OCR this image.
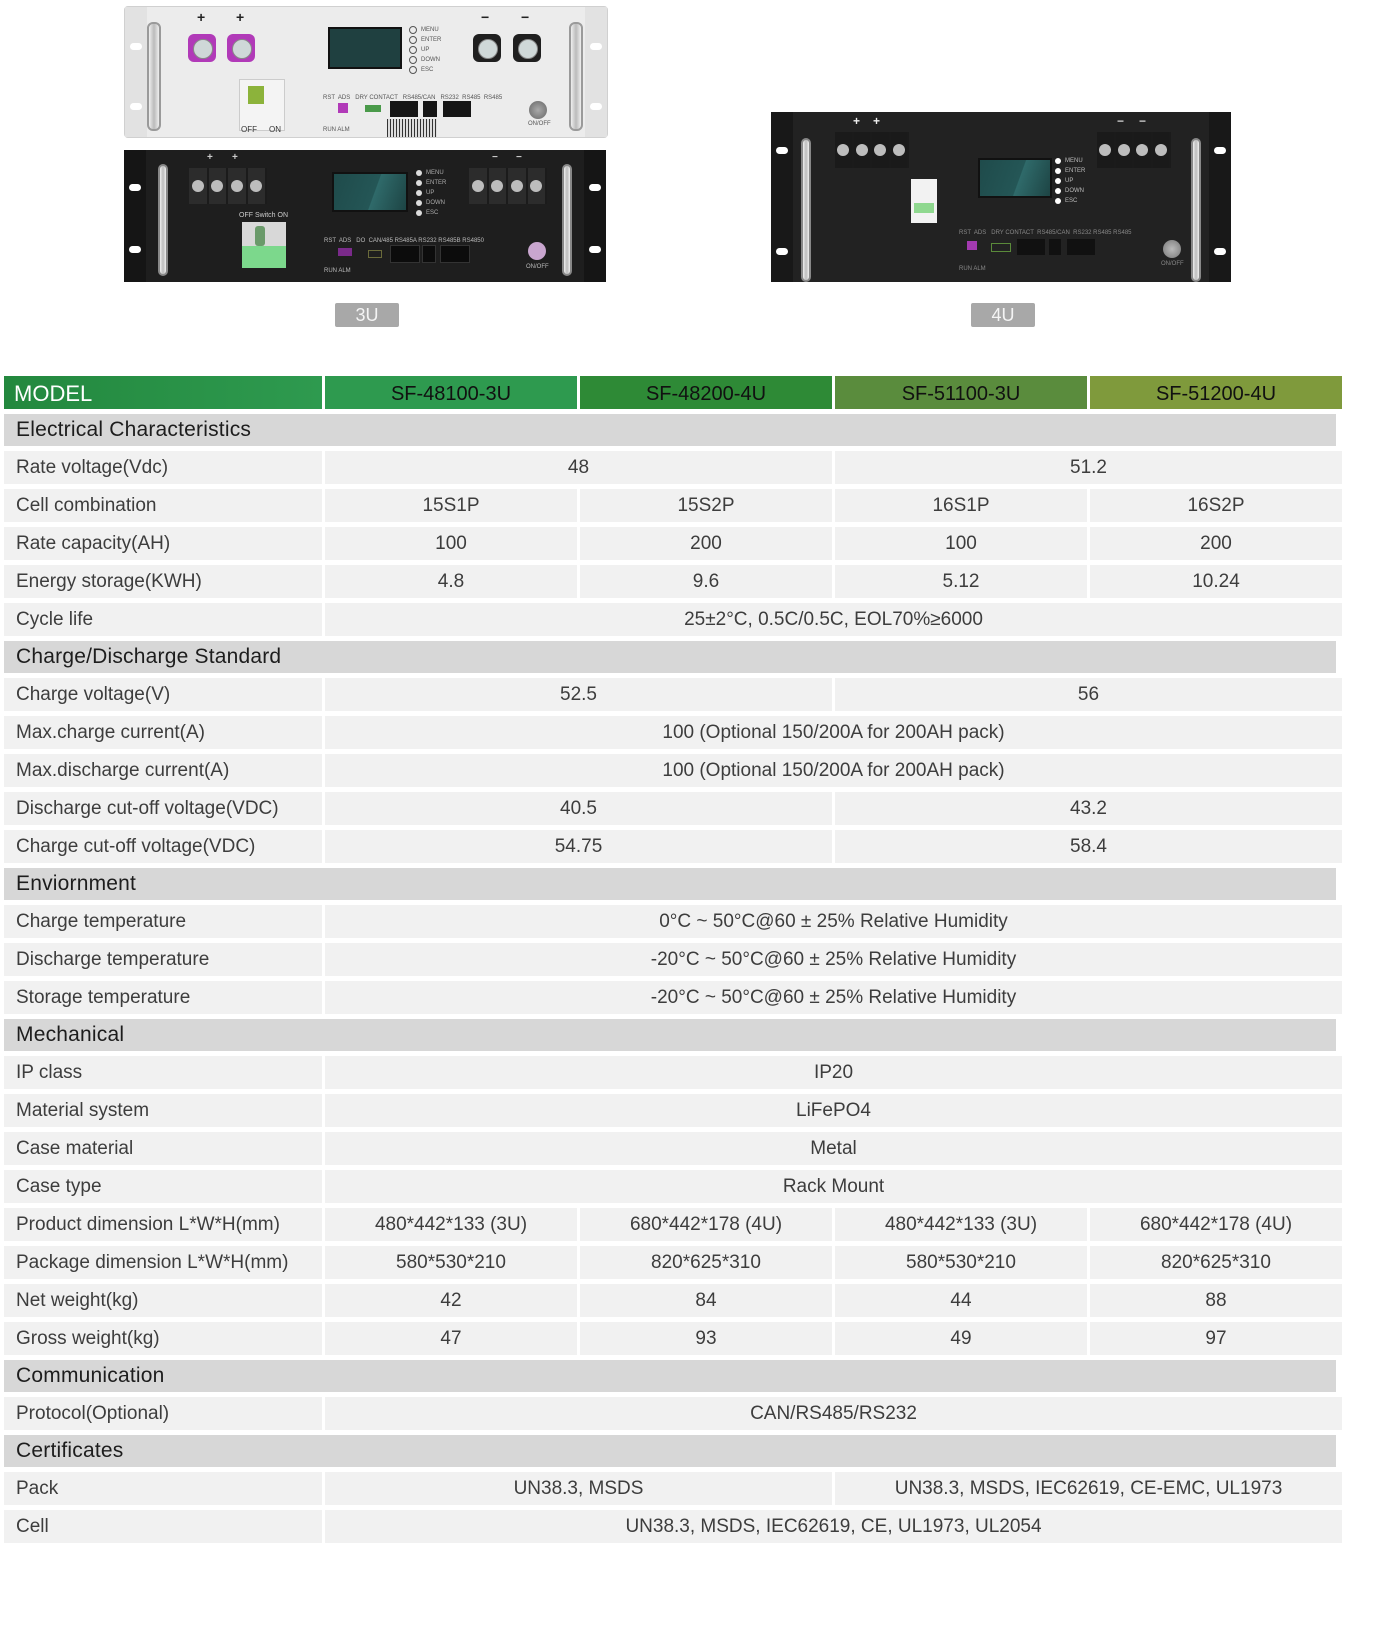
+ +	− −
MENU
ENTER
UP
DOWN
ESC
OFF ON
RST  ADS   DRY CONTACT   RS485/CAN   RS232  RS485  RS485
RUN ALM
ON/OFF
+ +	− −
MENU
ENTER
UP
DOWN
ESC
OFF Switch ON
RST  ADS   DO  CAN/485 RS485A RS232 RS485B RS4850
RUN ALM
ON/OFF
3U
+ +	− −
MENU
ENTER
UP
DOWN
ESC
RST  ADS   DRY CONTACT  RS485/CAN  RS232 RS485 RS485
RUN ALM
ON/OFF
4U
MODEL	SF-48100-3U	SF-48200-4U	SF-51100-3U	SF-51200-4U
Electrical Characteristics
Rate voltage(Vdc)	48	51.2
Cell combination	15S1P	15S2P	16S1P	16S2P
Rate capacity(AH)	100	200	100	200
Energy storage(KWH)	4.8	9.6	5.12	10.24
Cycle life	25±2°C, 0.5C/0.5C, EOL70%≥6000
Charge/Discharge Standard
Charge voltage(V)	52.5	56
Max.charge current(A)	100 (Optional 150/200A for 200AH pack)
Max.discharge current(A)	100 (Optional 150/200A for 200AH pack)
Discharge cut-off voltage(VDC)	40.5	43.2
Charge cut-off voltage(VDC)	54.75	58.4
Enviornment
Charge temperature	0°C ~ 50°C@60 ± 25% Relative Humidity
Discharge temperature	-20°C ~ 50°C@60 ± 25% Relative Humidity
Storage temperature	-20°C ~ 50°C@60 ± 25% Relative Humidity
Mechanical
IP class	IP20
Material system	LiFePO4
Case material	Metal
Case type	Rack Mount
Product dimension L*W*H(mm)	480*442*133 (3U)	680*442*178 (4U)	480*442*133 (3U)	680*442*178 (4U)
Package dimension L*W*H(mm)	580*530*210	820*625*310	580*530*210	820*625*310
Net weight(kg)	42	84	44	88
Gross weight(kg)	47	93	49	97
Communication
Protocol(Optional)	CAN/RS485/RS232
Certificates
Pack	UN38.3, MSDS	UN38.3, MSDS, IEC62619, CE-EMC, UL1973
Cell	UN38.3, MSDS, IEC62619, CE, UL1973, UL2054
